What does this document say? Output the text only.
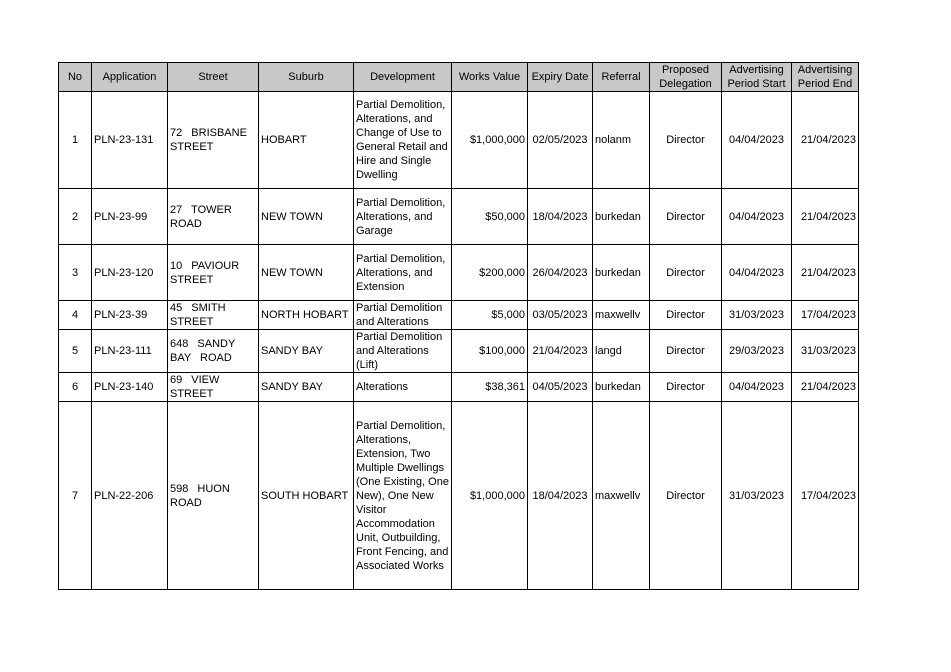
No	Application	Street	Suburb	Development	Works Value	Expiry Date	Referral	Proposed Delegation	Advertising Period Start	Advertising Period End
1	PLN-23-131	72 BRISBANE STREET	HOBART	Partial Demolition, Alterations, and Change of Use to General Retail and Hire and Single Dwelling	$1,000,000	02/05/2023	nolanm	Director	04/04/2023	21/04/2023
2	PLN-23-99	27 TOWER ROAD	NEW TOWN	Partial Demolition, Alterations, and Garage	$50,000	18/04/2023	burkedan	Director	04/04/2023	21/04/2023
3	PLN-23-120	10 PAVIOUR STREET	NEW TOWN	Partial Demolition, Alterations, and Extension	$200,000	26/04/2023	burkedan	Director	04/04/2023	21/04/2023
4	PLN-23-39	45 SMITH STREET	NORTH HOBART	Partial Demolition and Alterations	$5,000	03/05/2023	maxwellv	Director	31/03/2023	17/04/2023
5	PLN-23-111	648 SANDY BAY ROAD	SANDY BAY	Partial Demolition and Alterations (Lift)	$100,000	21/04/2023	langd	Director	29/03/2023	31/03/2023
6	PLN-23-140	69 VIEW STREET	SANDY BAY	Alterations	$38,361	04/05/2023	burkedan	Director	04/04/2023	21/04/2023
7	PLN-22-206	598 HUON ROAD	SOUTH HOBART	Partial Demolition, Alterations, Extension, Two Multiple Dwellings (One Existing, One New), One New Visitor Accommodation Unit, Outbuilding, Front Fencing, and Associated Works	$1,000,000	18/04/2023	maxwellv	Director	31/03/2023	17/04/2023
